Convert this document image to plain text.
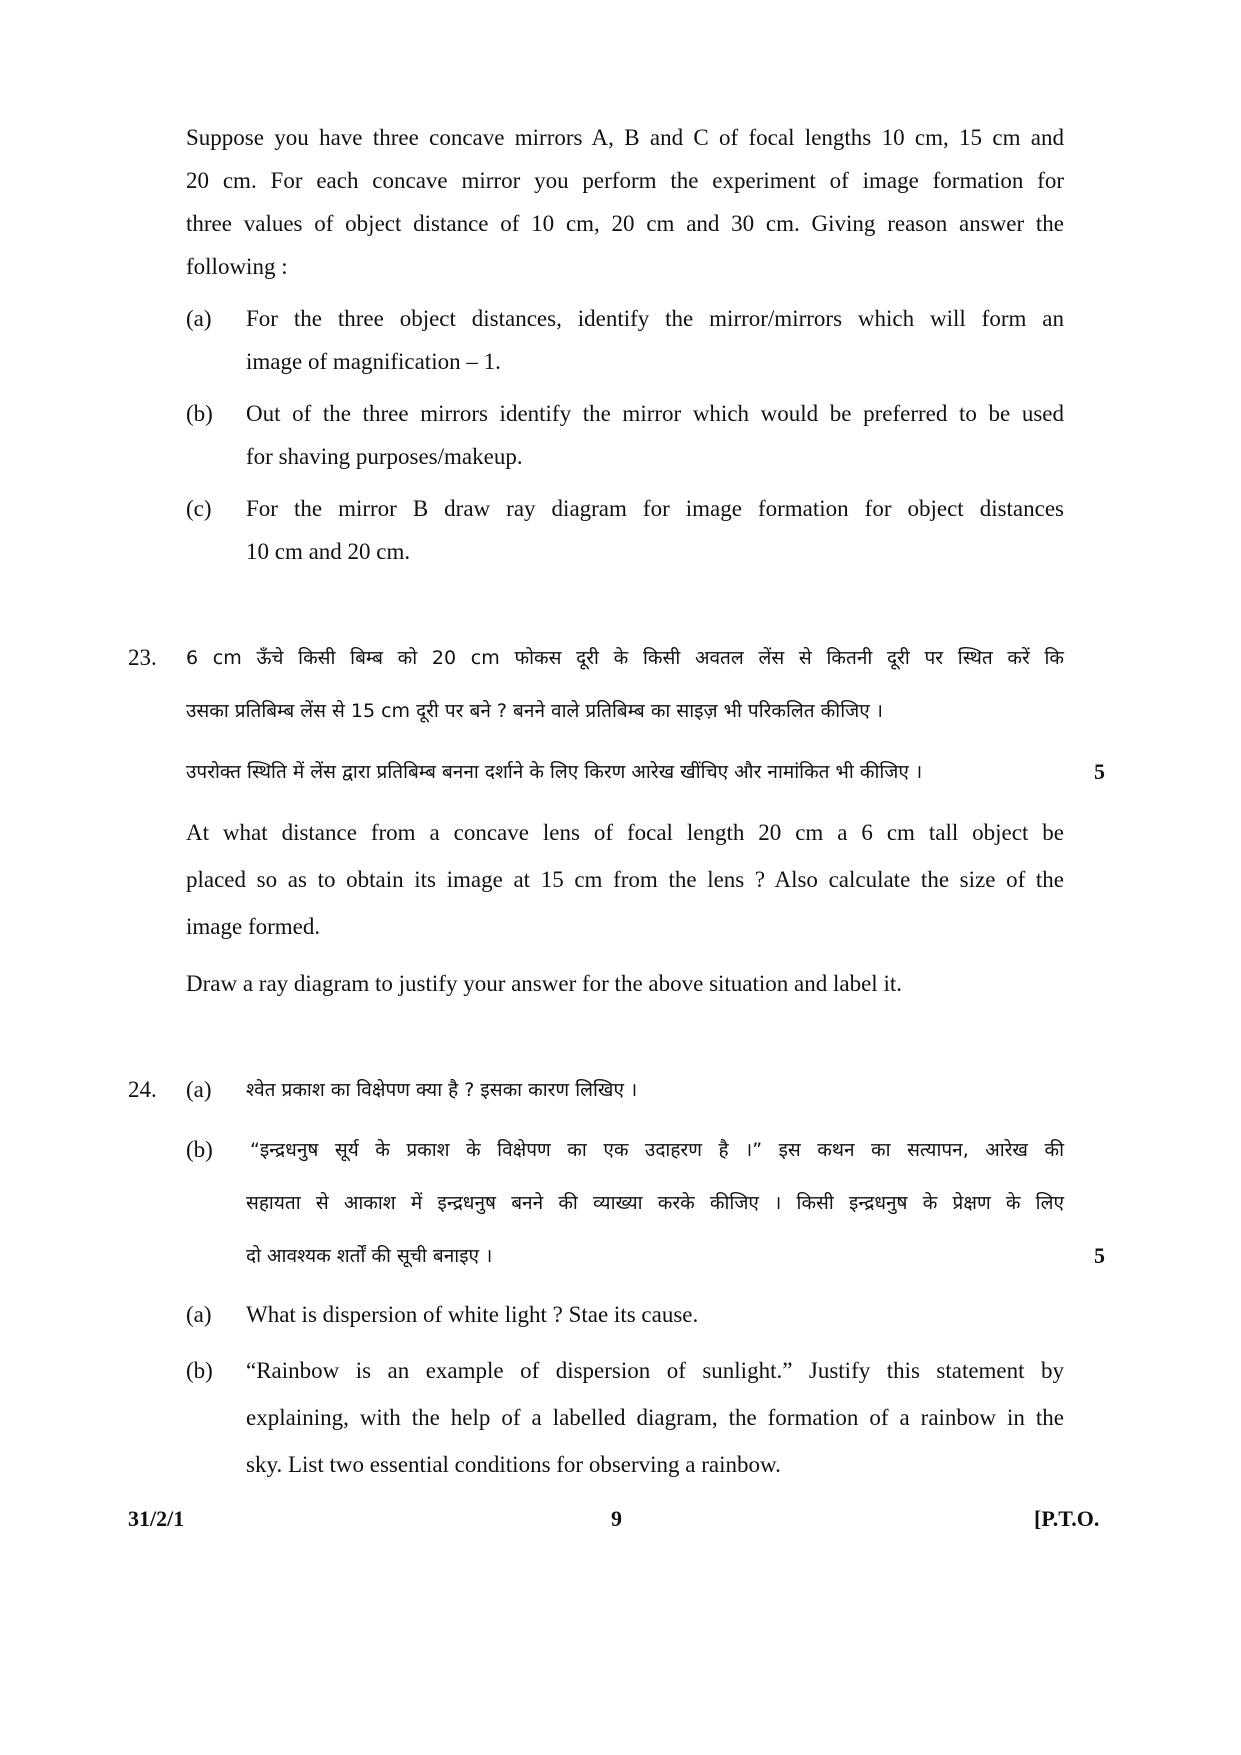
Suppose you have three concave mirrors A, B and C of focal lengths 10 cm, 15 cm and
20 cm. For each concave mirror you perform the experiment of image formation for
three values of object distance of 10 cm, 20 cm and 30 cm. Giving reason answer the
following :
(a) For the three object distances, identify the mirror/mirrors which will form an
image of magnification – 1.
(b) Out of the three mirrors identify the mirror which would be preferred to be used
for shaving purposes/makeup.
(c) For the mirror B draw ray diagram for image formation for object distances
10 cm and 20 cm.
23. 6 cm ऊँचे किसी बिम्ब को 20 cm फोकस दूरी के किसी अवतल लेंस से कितनी दूरी पर स्थित करें कि
उसका प्रतिबिम्ब लेंस से 15 cm दूरी पर बने ? बनने वाले प्रतिबिम्ब का साइज़ भी परिकलित कीजिए ।
उपरोक्त स्थिति में लेंस द्वारा प्रतिबिम्ब बनना दर्शाने के लिए किरण आरेख खींचिए और नामांकित भी कीजिए ।	5
At what distance from a concave lens of focal length 20 cm a 6 cm tall object be
placed so as to obtain its image at 15 cm from the lens ? Also calculate the size of the
image formed.
Draw a ray diagram to justify your answer for the above situation and label it.
24. (a) श्वेत प्रकाश का विक्षेपण क्या है ? इसका कारण लिखिए ।
(b) “इन्द्रधनुष सूर्य के प्रकाश के विक्षेपण का एक उदाहरण है ।” इस कथन का सत्यापन, आरेख की
सहायता से आकाश में इन्द्रधनुष बनने की व्याख्या करके कीजिए । किसी इन्द्रधनुष के प्रेक्षण के लिए
दो आवश्यक शर्तों की सूची बनाइए ।	5
(a) What is dispersion of white light ? Stae its cause.
(b) “Rainbow is an example of dispersion of sunlight.” Justify this statement by
explaining, with the help of a labelled diagram, the formation of a rainbow in the
sky. List two essential conditions for observing a rainbow.
31/2/1	9	[P.T.O.
